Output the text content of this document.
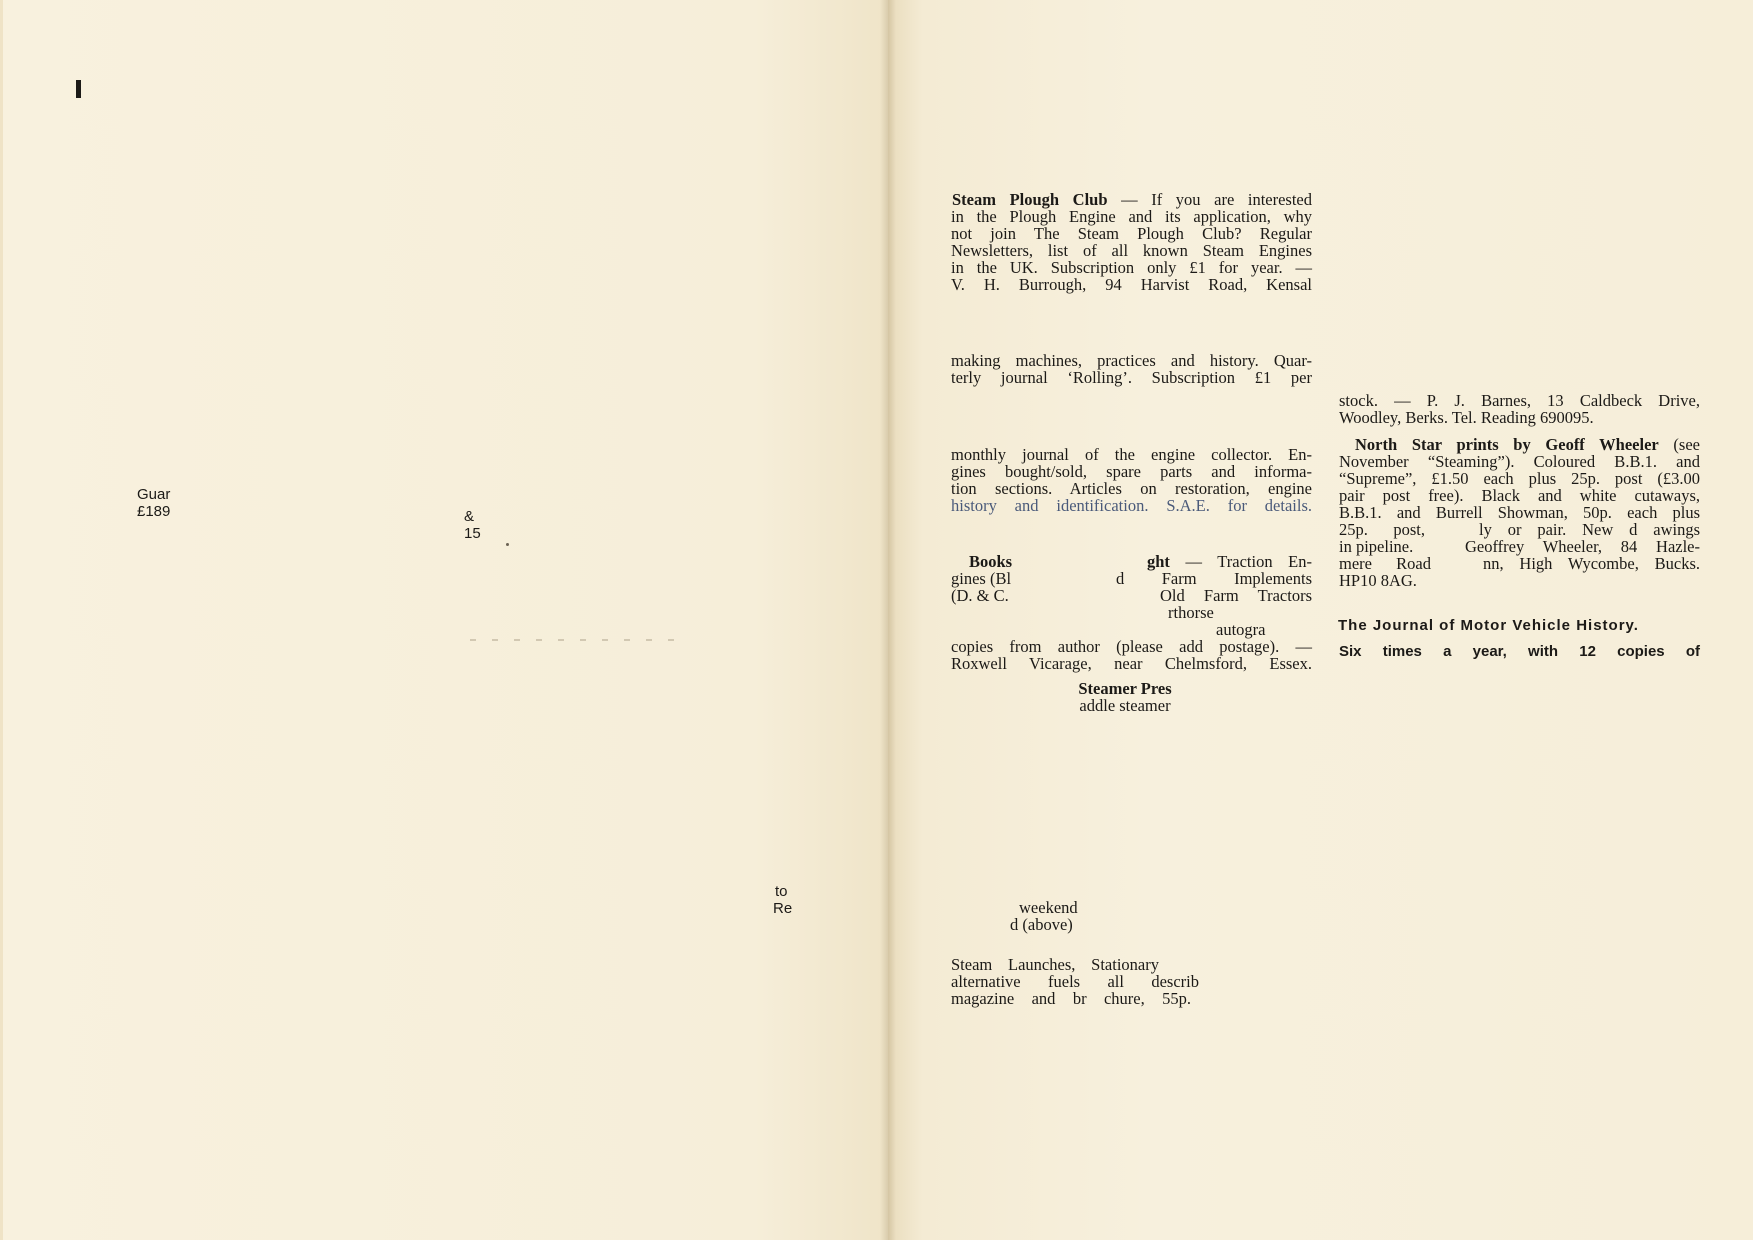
Guar
£189	&
15
to
Re
Steam Plough Club — If you are interested
in the Plough Engine and its application, why
not join The Steam Plough Club? Regular
Newsletters, list of all known Steam Engines
in the UK. Subscription only £1 for year. —
V. H. Burrough, 94 Harvist Road, Kensal
making machines, practices and history. Quar-
terly journal ‘Rolling’. Subscription £1 per
monthly journal of the engine collector. En-
gines bought/sold, spare parts and informa-
tion sections. Articles on restoration, engine
history and identification. S.A.E. for details.
Books
gines (Bl
(D. & C.
ght — Traction En-
d Farm Implements
Old Farm Tractors
rthorse
autogra
copies from author (please add postage). —
Roxwell Vicarage, near Chelmsford, Essex.
Steamer Pres
addle steamer
weekend
d (above)
Steam Launches, Stationary
alternative fuels all describ
magazine and br chure, 55p.
stock. — P. J. Barnes, 13 Caldbeck Drive,
Woodley, Berks. Tel. Reading 690095.
North Star prints by Geoff Wheeler (see
November “Steaming”). Coloured B.B.1. and
“Supreme”, £1.50 each plus 25p. post (£3.00
pair post free). Black and white cutaways,
B.B.1. and Burrell Showman, 50p. each plus
25p. post,
in pipeline.
mere Road
HP10 8AG.
ly or pair. New d awings
Geoffrey Wheeler, 84 Hazle-
nn, High Wycombe, Bucks.
The Journal of Motor Vehicle History.
Six times a year, with 12 copies of
